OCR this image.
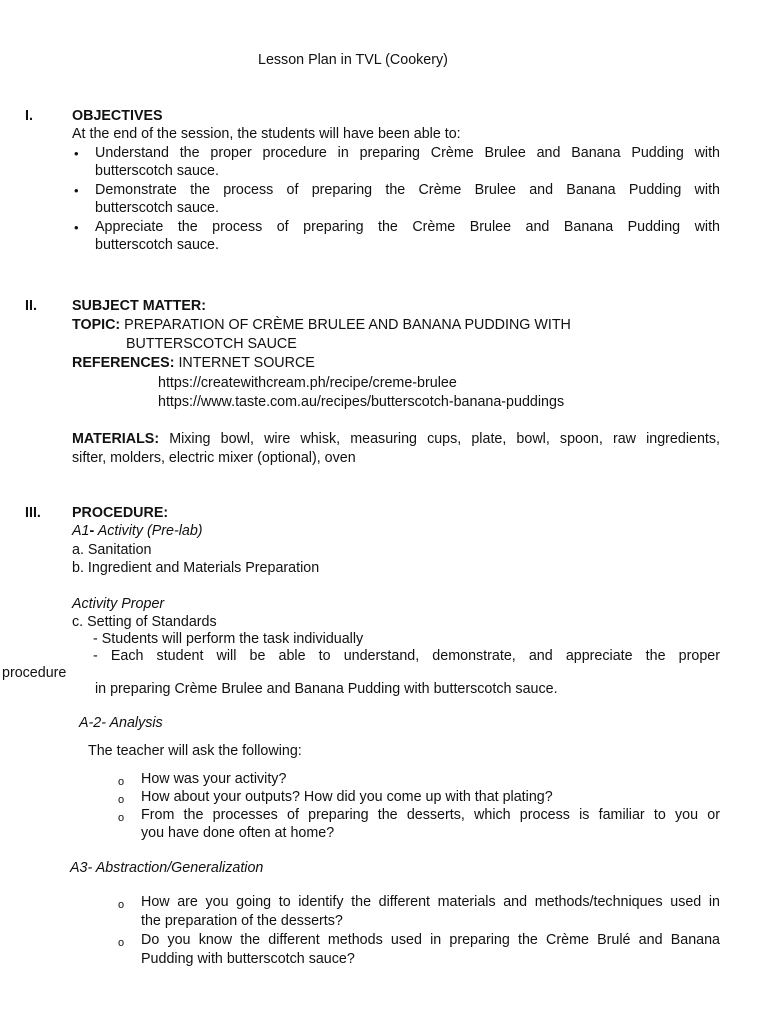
Lesson Plan in TVL (Cookery)
I.	OBJECTIVES
At the end of the session, the students will have been able to:
• Understand the proper procedure in preparing Crème Brulee and Banana Pudding with
butterscotch sauce.
• Demonstrate the process of preparing the Crème Brulee and Banana Pudding with
butterscotch sauce.
• Appreciate the process of preparing the Crème Brulee and Banana Pudding with
butterscotch sauce.
II. SUBJECT MATTER:
TOPIC: PREPARATION OF CRÈME BRULEE AND BANANA PUDDING WITH
BUTTERSCOTCH SAUCE
REFERENCES: INTERNET SOURCE
https://createwithcream.ph/recipe/creme-brulee
https://www.taste.com.au/recipes/butterscotch-banana-puddings
MATERIALS: Mixing bowl, wire whisk, measuring cups, plate, bowl, spoon, raw ingredients,
sifter, molders, electric mixer (optional), oven
III. PROCEDURE:
A1- Activity (Pre-lab)
a. Sanitation
b. Ingredient and Materials Preparation
Activity Proper
c. Setting of Standards
- Students will perform the task individually
- Each student will be able to understand, demonstrate, and appreciate the proper
procedure
in preparing Crème Brulee and Banana Pudding with butterscotch sauce.
A-2- Analysis
The teacher will ask the following:
o How was your activity?
o How about your outputs? How did you come up with that plating?
o From the processes of preparing the desserts, which process is familiar to you or
you have done often at home?
A3- Abstraction/Generalization
o How are you going to identify the different materials and methods/techniques used in
the preparation of the desserts?
o Do you know the different methods used in preparing the Crème Brulé and Banana
Pudding with butterscotch sauce?
